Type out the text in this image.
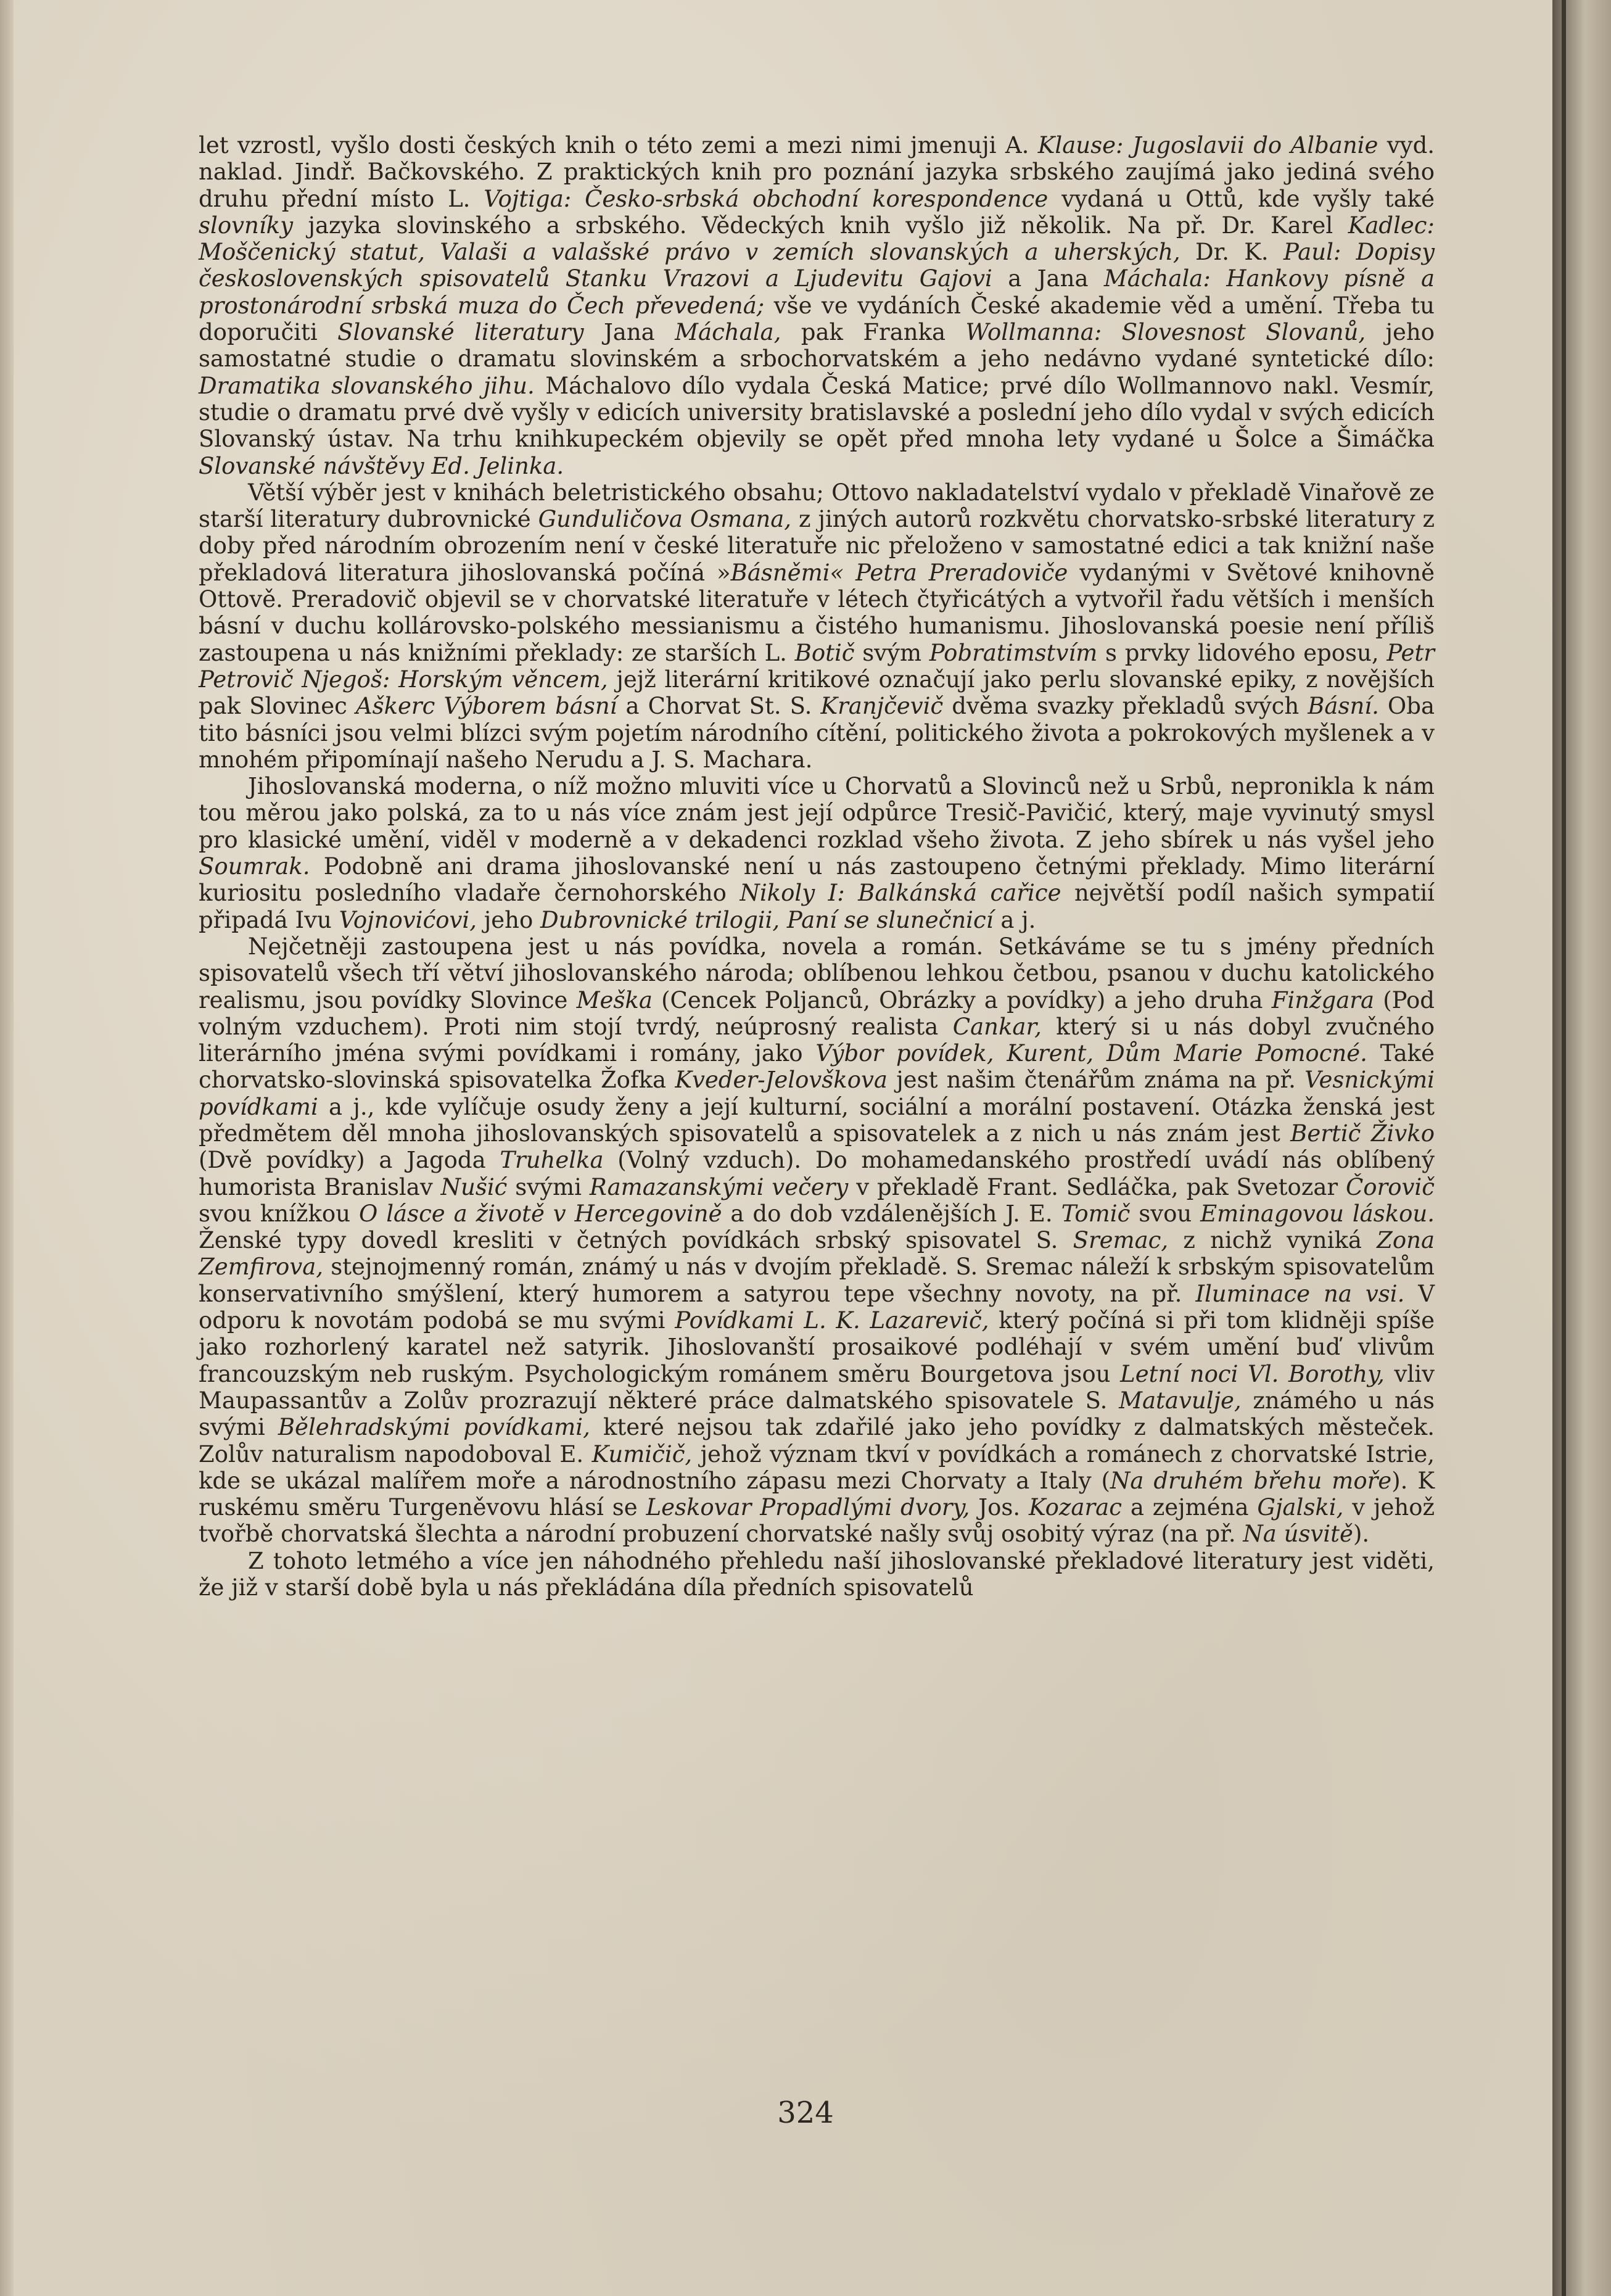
let vzrostl, vyšlo dosti českých knih o této zemi a mezi nimi jmenuji A. Klause: Jugoslavii do Albanie vyd. naklad. Jindř. Bačkovského. Z praktických knih pro poznání jazyka srbského zaujímá jako jediná svého druhu přední místo L. Vojtiga: Česko-srbská obchodní korespondence vydaná u Ottů, kde vyšly také slovníky jazyka slovinského a srbského. Vědeckých knih vyšlo již několik. Na př. Dr. Karel Kadlec: Moščenický statut, Valaši a valašské právo v zemích slovanských a uherských, Dr. K. Paul: Dopisy československých spisovatelů Stanku Vrazovi a Ljudevitu Gajovi a Jana Máchala: Hankovy písně a prostonárodní srbská muza do Čech převedená; vše ve vydáních České akademie věd a umění. Třeba tu doporučiti Slovanské literatury Jana Máchala, pak Franka Wollmanna: Slovesnost Slovanů, jeho samostatné studie o dramatu slovinském a srbochorvatském a jeho nedávno vydané syntetické dílo: Dramatika slovanského jihu. Máchalovo dílo vydala Česká Matice; prvé dílo Wollmannovo nakl. Vesmír, studie o dramatu prvé dvě vyšly v edicích university bratislavské a poslední jeho dílo vydal v svých edicích Slovanský ústav. Na trhu knihkupeckém objevily se opět před mnoha lety vydané u Šolce a Šimáčka Slovanské návštěvy Ed. Jelinka.

Větší výběr jest v knihách beletristického obsahu; Ottovo nakladatelství vydalo v překladě Vinařově ze starší literatury dubrovnické Gunduličova Osmana, z jiných autorů rozkvětu chorvatsko-srbské literatury z doby před národním obrozením není v české literatuře nic přeloženo v samostatné edici a tak knižní naše překladová literatura jihoslovanská počíná »Básněmi« Petra Preradoviče vydanými v Světové knihovně Ottově. Preradovič objevil se v chorvatské literatuře v létech čtyřicátých a vytvořil řadu větších i menších básní v duchu kollárovsko-polského messianismu a čistého humanismu. Jihoslovanská poesie není příliš zastoupena u nás knižními překlady: ze starších L. Botič svým Pobratimstvím s prvky lidového eposu, Petr Petrovič Njegoš: Horským věncem, jejž literární kritikové označují jako perlu slovanské epiky, z novějších pak Slovinec Aškerc Výborem básní a Chorvat St. S. Kranjčevič dvěma svazky překladů svých Básní. Oba tito básníci jsou velmi blízci svým pojetím národního cítění, politického života a pokrokových myšlenek a v mnohém připomínají našeho Nerudu a J. S. Machara.

Jihoslovanská moderna, o níž možno mluviti více u Chorvatů a Slovinců než u Srbů, nepronikla k nám tou měrou jako polská, za to u nás více znám jest její odpůrce Tresič-Pavičić, který, maje vyvinutý smysl pro klasické umění, viděl v moderně a v dekadenci rozklad všeho života. Z jeho sbírek u nás vyšel jeho Soumrak. Podobně ani drama jihoslovanské není u nás zastoupeno četnými překlady. Mimo literární kuriositu posledního vladaře černohorského Nikoly I: Balkánská cařice největší podíl našich sympatií připadá Ivu Vojnovićovi, jeho Dubrovnické trilogii, Paní se slunečnicí a j.

Nejčetněji zastoupena jest u nás povídka, novela a román. Setkáváme se tu s jmény předních spisovatelů všech tří větví jihoslovanského národa; oblíbenou lehkou četbou, psanou v duchu katolického realismu, jsou povídky Slovince Meška (Cencek Poljanců, Obrázky a povídky) a jeho druha Finžgara (Pod volným vzduchem). Proti nim stojí tvrdý, neúprosný realista Cankar, který si u nás dobyl zvučného literárního jména svými povídkami i romány, jako Výbor povídek, Kurent, Dům Marie Pomocné. Také chorvatsko-slovinská spisovatelka Žofka Kveder-Jelovškova jest našim čtenářům známa na př. Vesnickými povídkami a j., kde vylíčuje osudy ženy a její kulturní, sociální a morální postavení. Otázka ženská jest předmětem děl mnoha jihoslovanských spisovatelů a spisovatelek a z nich u nás znám jest Bertič Živko (Dvě povídky) a Jagoda Truhelka (Volný vzduch). Do mohamedanského prostředí uvádí nás oblíbený humorista Branislav Nušić svými Ramazanskými večery v překladě Frant. Sedláčka, pak Svetozar Čorovič svou knížkou O lásce a životě v Hercegovině a do dob vzdálenějších J. E. Tomič svou Eminagovou láskou. Ženské typy dovedl kresliti v četných povídkách srbský spisovatel S. Sremac, z nichž vyniká Zona Zemfirova, stejnojmenný román, známý u nás v dvojím překladě. S. Sremac náleží k srbským spisovatelům konservativního smýšlení, který humorem a satyrou tepe všechny novoty, na př. Iluminace na vsi. V odporu k novotám podobá se mu svými Povídkami L. K. Lazarevič, který počíná si při tom klidněji spíše jako rozhorlený karatel než satyrik. Jihoslovanští prosaikové podléhají v svém umění buď vlivům francouzským neb ruským. Psychologickým románem směru Bourgetova jsou Letní noci Vl. Borothy, vliv Maupassantův a Zolův prozrazují některé práce dalmatského spisovatele S. Matavulje, známého u nás svými Bělehradskými povídkami, které nejsou tak zdařilé jako jeho povídky z dalmatských městeček. Zolův naturalism napodoboval E. Kumičič, jehož význam tkví v povídkách a románech z chorvatské Istrie, kde se ukázal malířem moře a národnostního zápasu mezi Chorvaty a Italy (Na druhém břehu moře). K ruskému směru Turgeněvovu hlásí se Leskovar Propadlými dvory, Jos. Kozarac a zejména Gjalski, v jehož tvořbě chorvatská šlechta a národní probuzení chorvatské našly svůj osobitý výraz (na př. Na úsvitě).

Z tohoto letmého a více jen náhodného přehledu naší jihoslovanské překladové literatury jest viděti, že již v starší době byla u nás překládána díla předních spisovatelů

324
